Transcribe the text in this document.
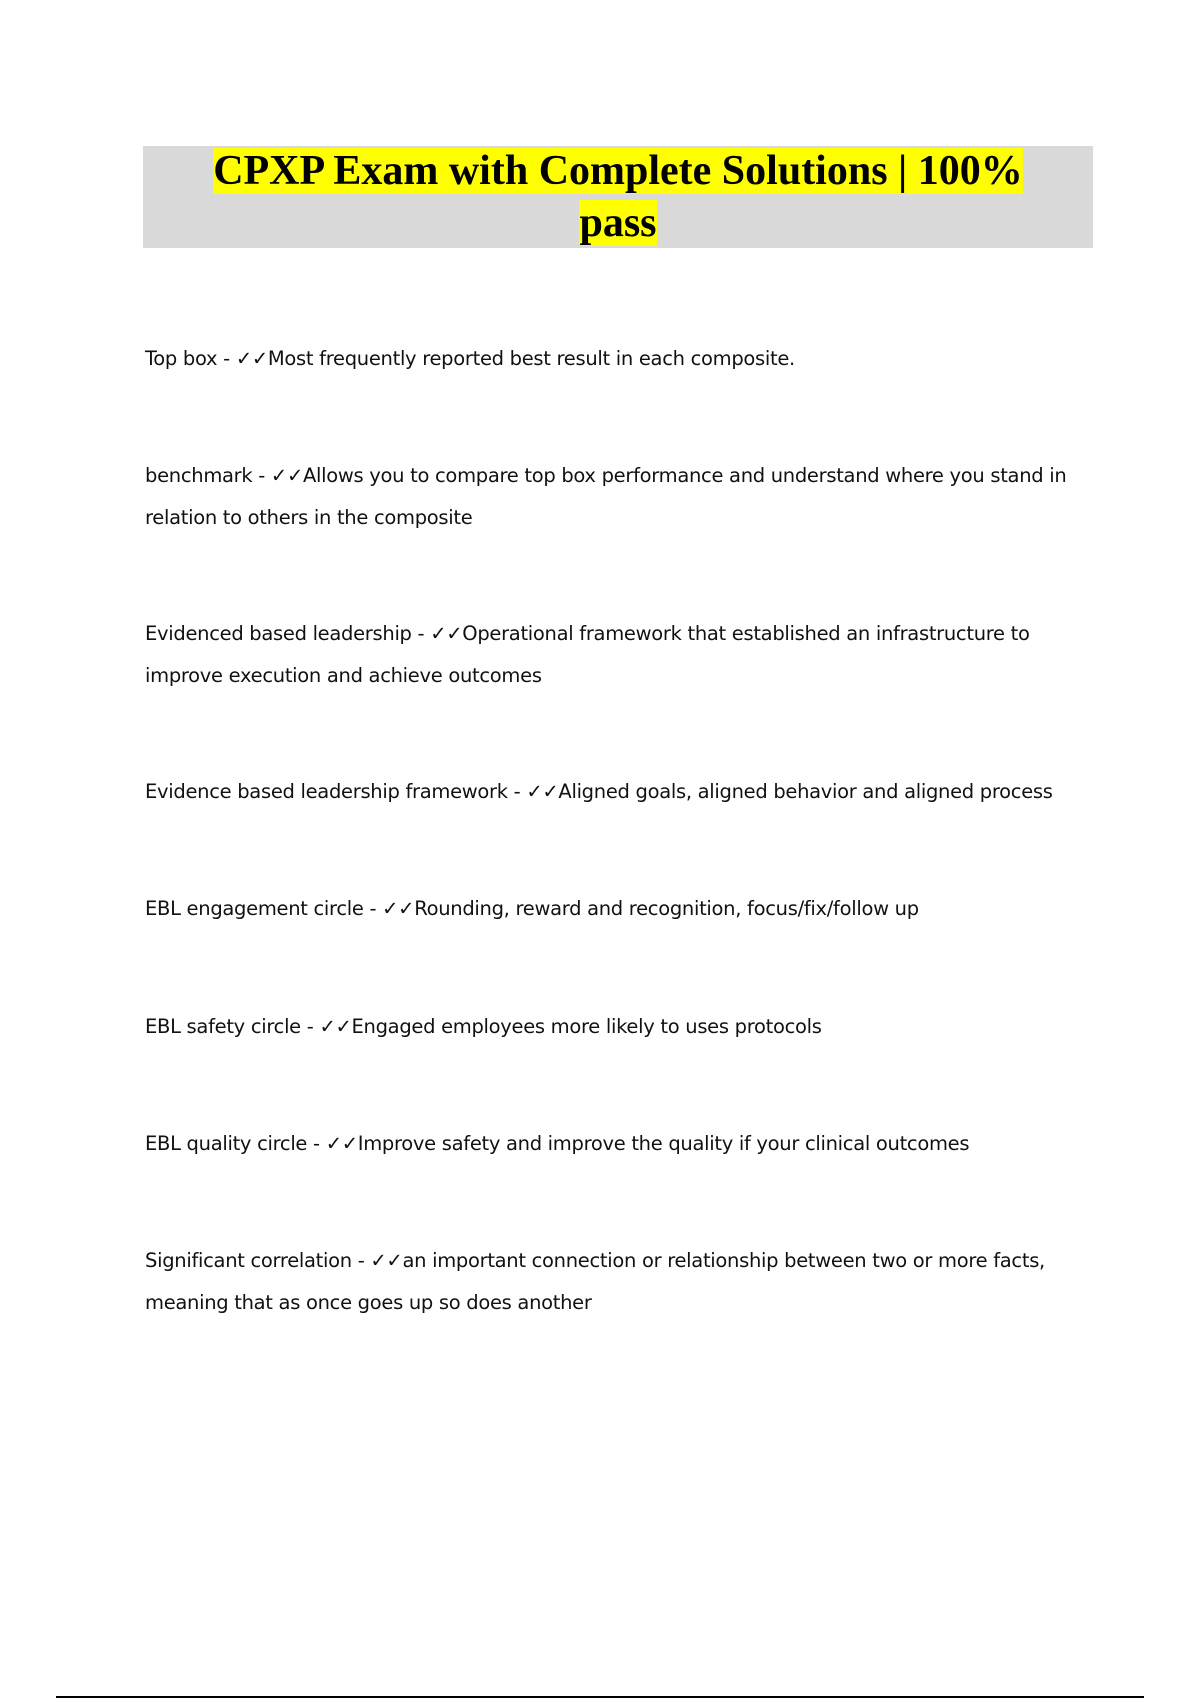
CPXP Exam with Complete Solutions | 100%
pass
Top box - ✓✓Most frequently reported best result in each composite.
benchmark - ✓✓Allows you to compare top box performance and understand where you stand in relation to others in the composite
Evidenced based leadership - ✓✓Operational framework that established an infrastructure to improve execution and achieve outcomes
Evidence based leadership framework - ✓✓Aligned goals, aligned behavior and aligned process
EBL engagement circle - ✓✓Rounding, reward and recognition, focus/fix/follow up
EBL safety circle - ✓✓Engaged employees more likely to uses protocols
EBL quality circle - ✓✓Improve safety and improve the quality if your clinical outcomes
Significant correlation - ✓✓an important connection or relationship between two or more facts, meaning that as once goes up so does another
